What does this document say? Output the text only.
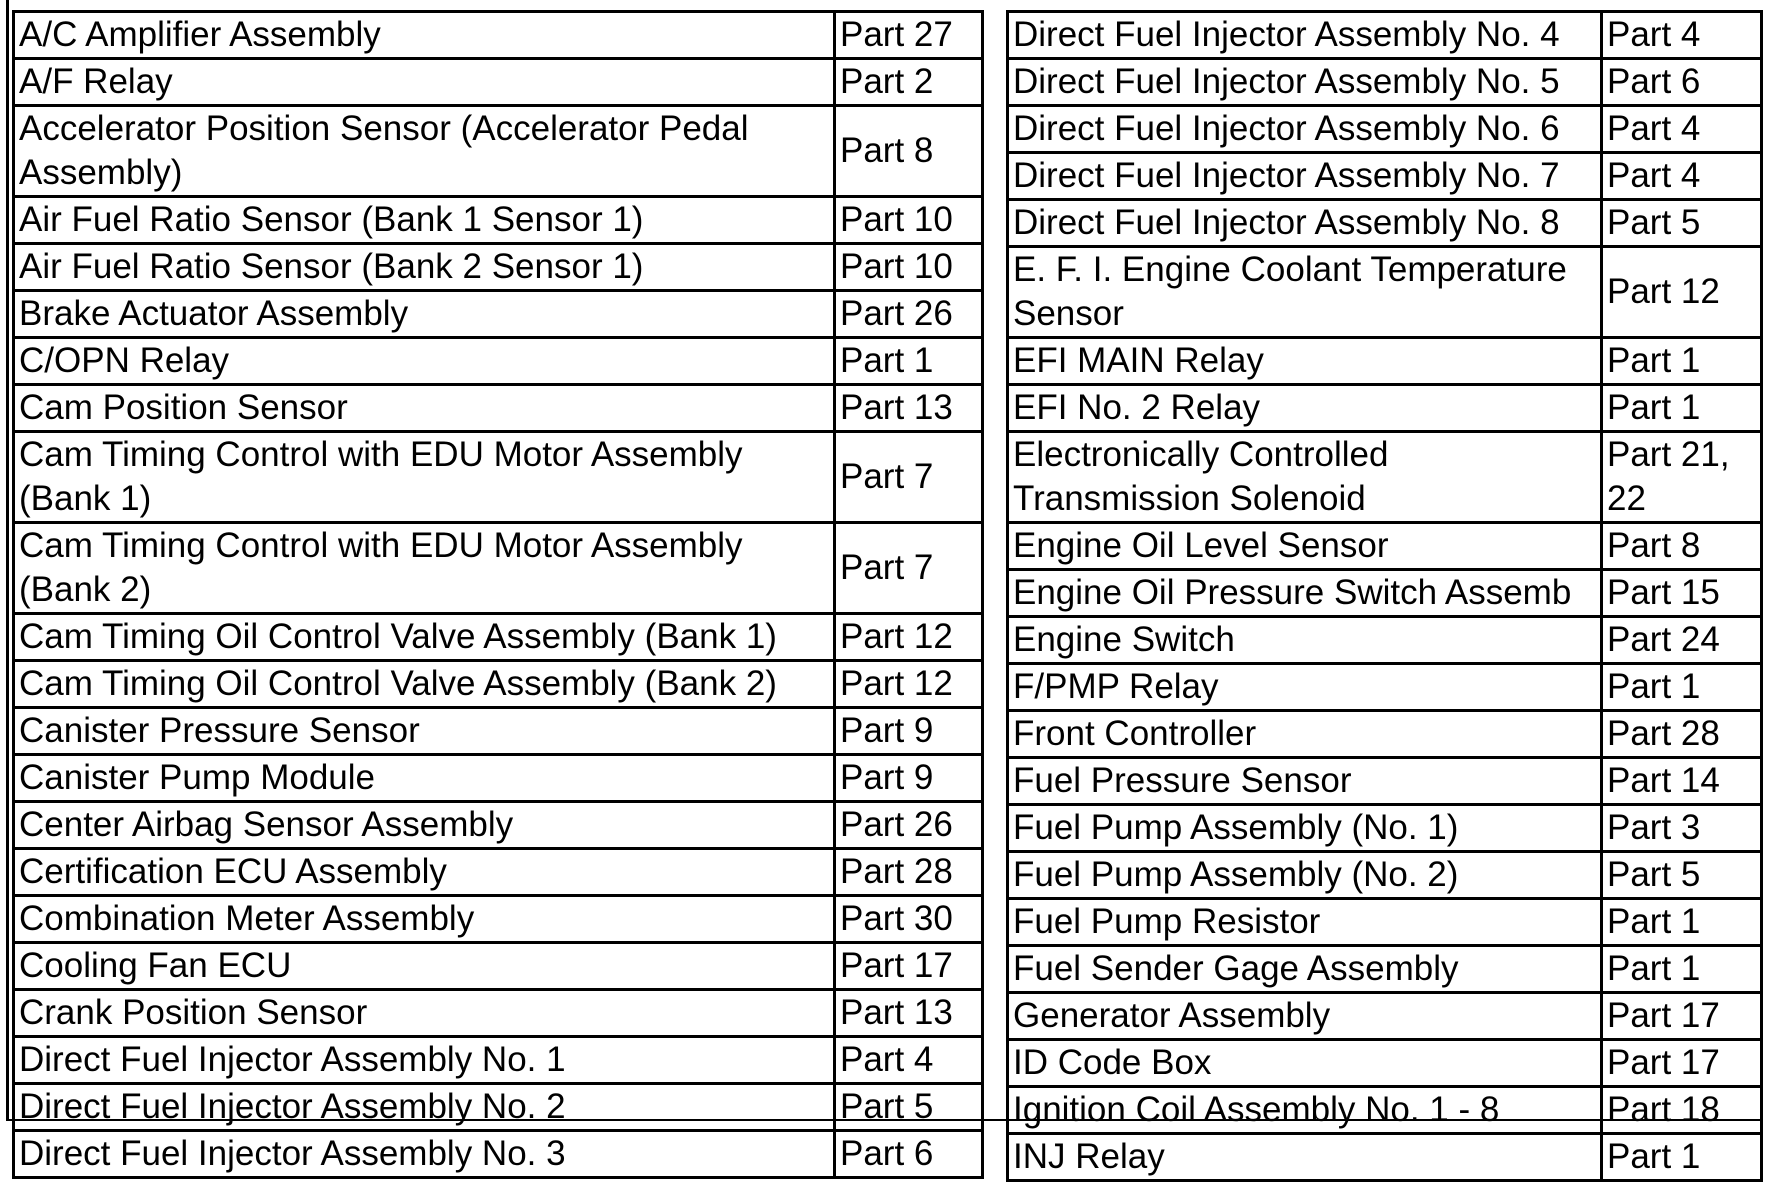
A/C Amplifier Assembly	Part 27
A/F Relay	Part 2
Accelerator Position Sensor (Accelerator Pedal Assembly)	Part 8
Air Fuel Ratio Sensor (Bank 1 Sensor 1)	Part 10
Air Fuel Ratio Sensor (Bank 2 Sensor 1)	Part 10
Brake Actuator Assembly	Part 26
C/OPN Relay	Part 1
Cam Position Sensor	Part 13
Cam Timing Control with EDU Motor Assembly (Bank 1)	Part 7
Cam Timing Control with EDU Motor Assembly (Bank 2)	Part 7
Cam Timing Oil Control Valve Assembly (Bank 1)	Part 12
Cam Timing Oil Control Valve Assembly (Bank 2)	Part 12
Canister Pressure Sensor	Part 9
Canister Pump Module	Part 9
Center Airbag Sensor Assembly	Part 26
Certification ECU Assembly	Part 28
Combination Meter Assembly	Part 30
Cooling Fan ECU	Part 17
Crank Position Sensor	Part 13
Direct Fuel Injector Assembly No. 1	Part 4
Direct Fuel Injector Assembly No. 2	Part 5
Direct Fuel Injector Assembly No. 3	Part 6
Direct Fuel Injector Assembly No. 4	Part 4
Direct Fuel Injector Assembly No. 5	Part 6
Direct Fuel Injector Assembly No. 6	Part 4
Direct Fuel Injector Assembly No. 7	Part 4
Direct Fuel Injector Assembly No. 8	Part 5
E. F. I. Engine Coolant Temperature Sensor	Part 12
EFI MAIN Relay	Part 1
EFI No. 2 Relay	Part 1
Electronically Controlled Transmission Solenoid	Part 21, 22
Engine Oil Level Sensor	Part 8
Engine Oil Pressure Switch Assemb	Part 15
Engine Switch	Part 24
F/PMP Relay	Part 1
Front Controller	Part 28
Fuel Pressure Sensor	Part 14
Fuel Pump Assembly (No. 1)	Part 3
Fuel Pump Assembly (No. 2)	Part 5
Fuel Pump Resistor	Part 1
Fuel Sender Gage Assembly	Part 1
Generator Assembly	Part 17
ID Code Box	Part 17
Ignition Coil Assembly No. 1 - 8	Part 18
INJ Relay	Part 1
